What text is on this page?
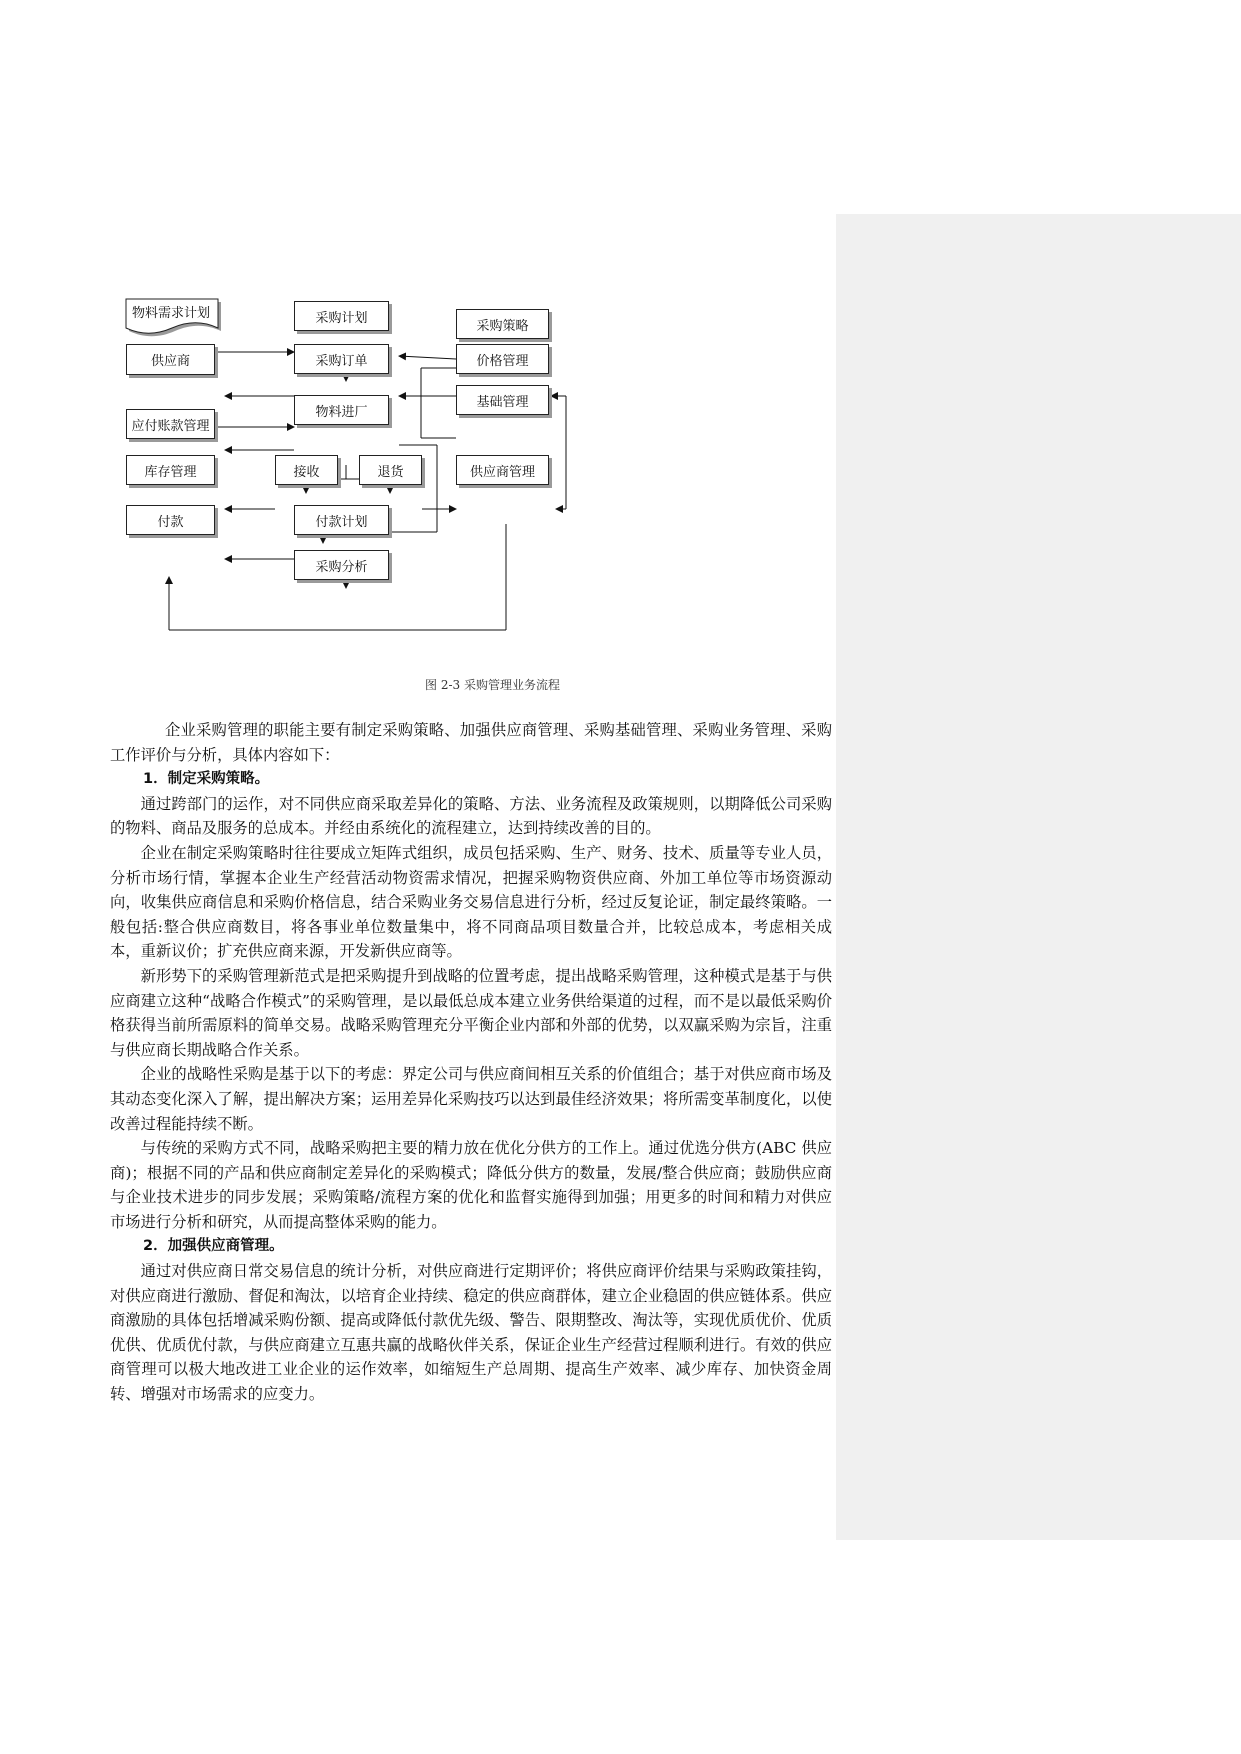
物料需求计划	采购计划
采购策略
供应商	采购订单	价格管理
基础管理
物料进厂
应付账款管理
库存管理	接收	退货	供应商管理
付款	付款计划
采购分析
图 2-3 采购管理业务流程

企业采购管理的职能主要有制定采购策略、加强供应商管理、采购基础管理、采购业务管理、采购工作评价与分析，具体内容如下：

1．制定采购策略。

通过跨部门的运作，对不同供应商采取差异化的策略、方法、业务流程及政策规则，以期降低公司采购的物料、商品及服务的总成本。并经由系统化的流程建立，达到持续改善的目的。

企业在制定采购策略时往往要成立矩阵式组织，成员包括采购、生产、财务、技术、质量等专业人员，分析市场行情，掌握本企业生产经营活动物资需求情况，把握采购物资供应商、外加工单位等市场资源动向，收集供应商信息和采购价格信息，结合采购业务交易信息进行分析，经过反复论证，制定最终策略。一般包括:整合供应商数目，将各事业单位数量集中，将不同商品项目数量合并，比较总成本，考虑相关成本，重新议价；扩充供应商来源，开发新供应商等。

新形势下的采购管理新范式是把采购提升到战略的位置考虑，提出战略采购管理，这种模式是基于与供应商建立这种“战略合作模式”的采购管理，是以最低总成本建立业务供给渠道的过程，而不是以最低采购价格获得当前所需原料的简单交易。战略采购管理充分平衡企业内部和外部的优势，以双赢采购为宗旨，注重与供应商长期战略合作关系。

企业的战略性采购是基于以下的考虑：界定公司与供应商间相互关系的价值组合；基于对供应商市场及其动态变化深入了解，提出解决方案；运用差异化采购技巧以达到最佳经济效果；将所需变革制度化，以使改善过程能持续不断。

与传统的采购方式不同，战略采购把主要的精力放在优化分供方的工作上。通过优选分供方(ABC 供应商)；根据不同的产品和供应商制定差异化的采购模式；降低分供方的数量，发展/整合供应商；鼓励供应商与企业技术进步的同步发展；采购策略/流程方案的优化和监督实施得到加强；用更多的时间和精力对供应市场进行分析和研究，从而提高整体采购的能力。

2．加强供应商管理。

通过对供应商日常交易信息的统计分析，对供应商进行定期评价；将供应商评价结果与采购政策挂钩，对供应商进行激励、督促和淘汰，以培育企业持续、稳定的供应商群体，建立企业稳固的供应链体系。供应商激励的具体包括增减采购份额、提高或降低付款优先级、警告、限期整改、淘汰等，实现优质优价、优质优供、优质优付款，与供应商建立互惠共赢的战略伙伴关系，保证企业生产经营过程顺利进行。有效的供应商管理可以极大地改进工业企业的运作效率，如缩短生产总周期、提高生产效率、减少库存、加快资金周转、增强对市场需求的应变力。
